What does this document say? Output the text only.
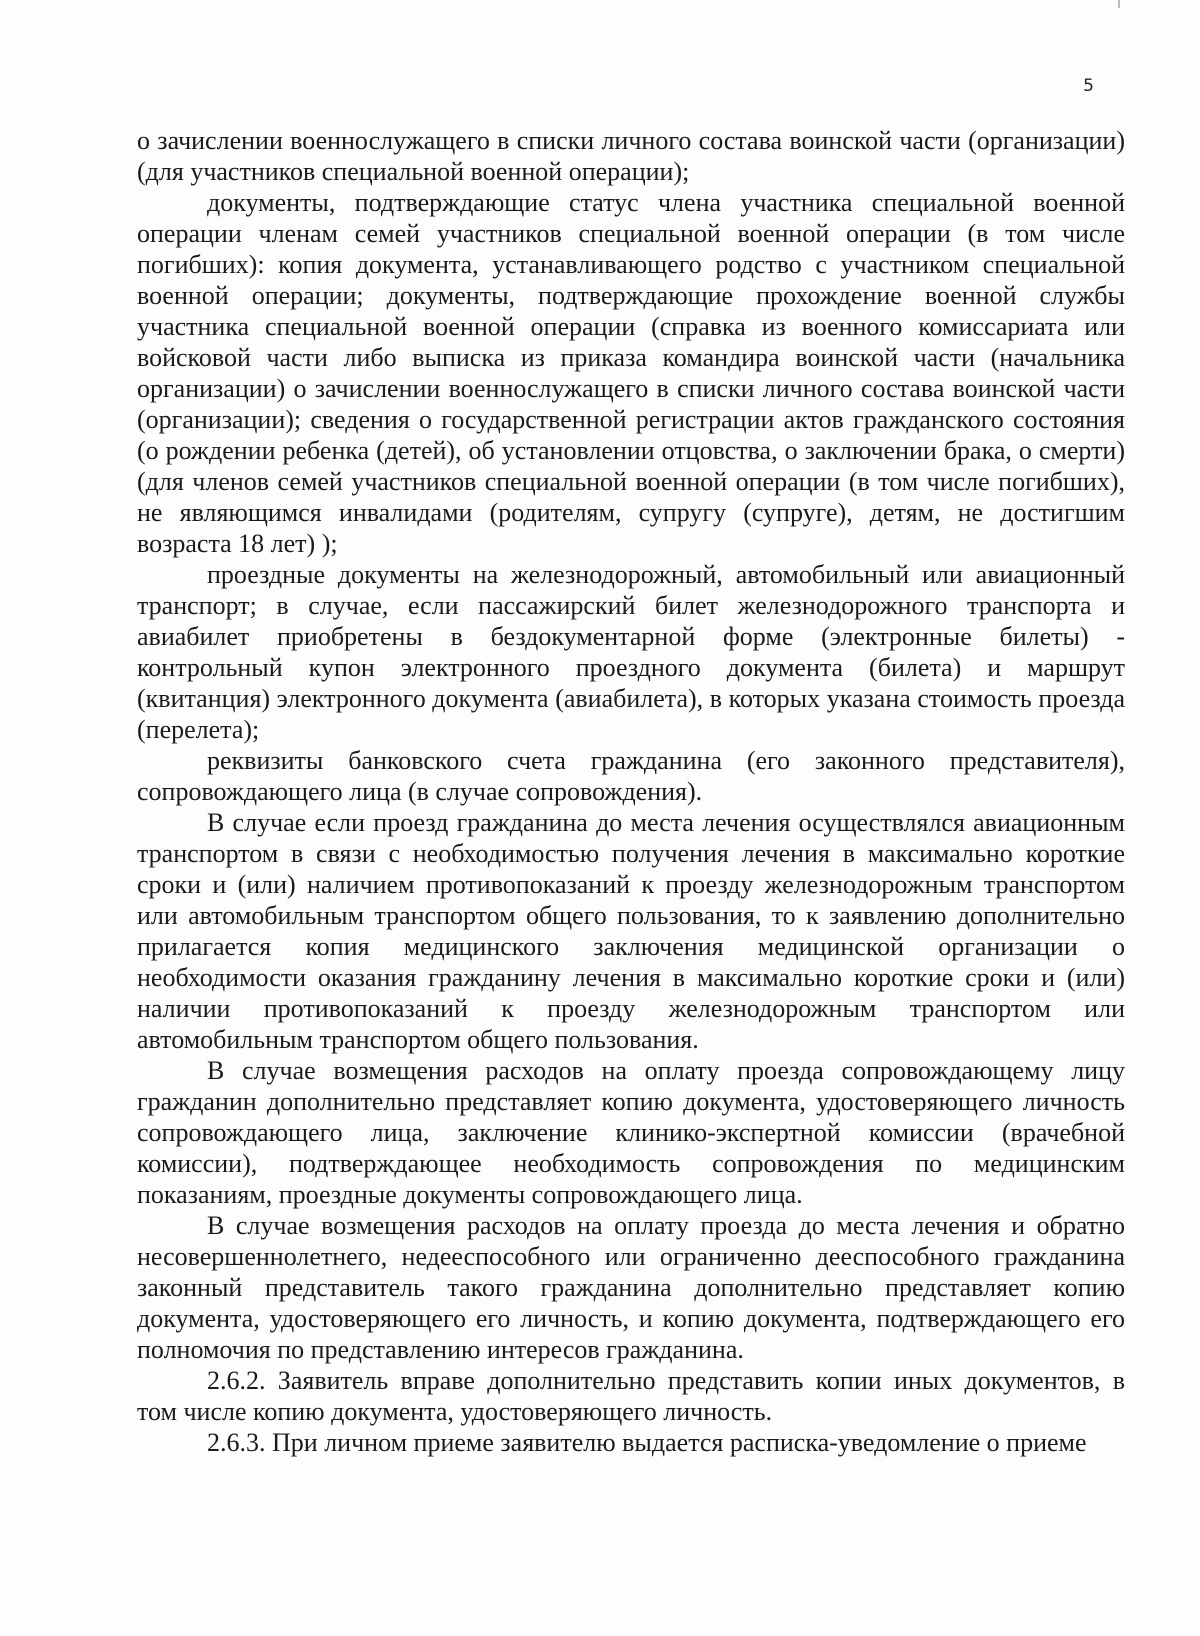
5

о зачислении военнослужащего в списки личного состава воинской части (организации) (для участников специальной военной операции);

документы, подтверждающие статус члена участника специальной военной операции членам семей участников специальной военной операции (в том числе погибших): копия документа, устанавливающего родство с участником специальной военной операции; документы, подтверждающие прохождение военной службы участника специальной военной операции (справка из военного комиссариата или войсковой части либо выписка из приказа командира воинской части (начальника организации) о зачислении военнослужащего в списки личного состава воинской части (организации); сведения о государственной регистрации актов гражданского состояния (о рождении ребенка (детей), об установлении отцовства, о заключении брака, о смерти) (для членов семей участников специальной военной операции (в том числе погибших), не являющимся инвалидами (родителям, супругу (супруге), детям, не достигшим возраста 18 лет) );

проездные документы на железнодорожный, автомобильный или авиационный транспорт; в случае, если пассажирский билет железнодорожного транспорта и авиабилет приобретены в бездокументарной форме (электронные билеты) - контрольный купон электронного проездного документа (билета) и маршрут (квитанция) электронного документа (авиабилета), в которых указана стоимость проезда (перелета);

реквизиты банковского счета гражданина (его законного представителя), сопровождающего лица (в случае сопровождения).

В случае если проезд гражданина до места лечения осуществлялся авиационным транспортом в связи с необходимостью получения лечения в максимально короткие сроки и (или) наличием противопоказаний к проезду железнодорожным транспортом или автомобильным транспортом общего пользования, то к заявлению дополнительно прилагается копия медицинского заключения медицинской организации о необходимости оказания гражданину лечения в максимально короткие сроки и (или) наличии противопоказаний к проезду железнодорожным транспортом или автомобильным транспортом общего пользования.

В случае возмещения расходов на оплату проезда сопровождающему лицу гражданин дополнительно представляет копию документа, удостоверяющего личность сопровождающего лица, заключение клинико-экспертной комиссии (врачебной комиссии), подтверждающее необходимость сопровождения по медицинским показаниям, проездные документы сопровождающего лица.

В случае возмещения расходов на оплату проезда до места лечения и обратно несовершеннолетнего, недееспособного или ограниченно дееспособного гражданина законный представитель такого гражданина дополнительно представляет копию документа, удостоверяющего его личность, и копию документа, подтверждающего его полномочия по представлению интересов гражданина.

2.6.2. Заявитель вправе дополнительно представить копии иных документов, в том числе копию документа, удостоверяющего личность.

2.6.3. При личном приеме заявителю выдается расписка-уведомление о приеме
